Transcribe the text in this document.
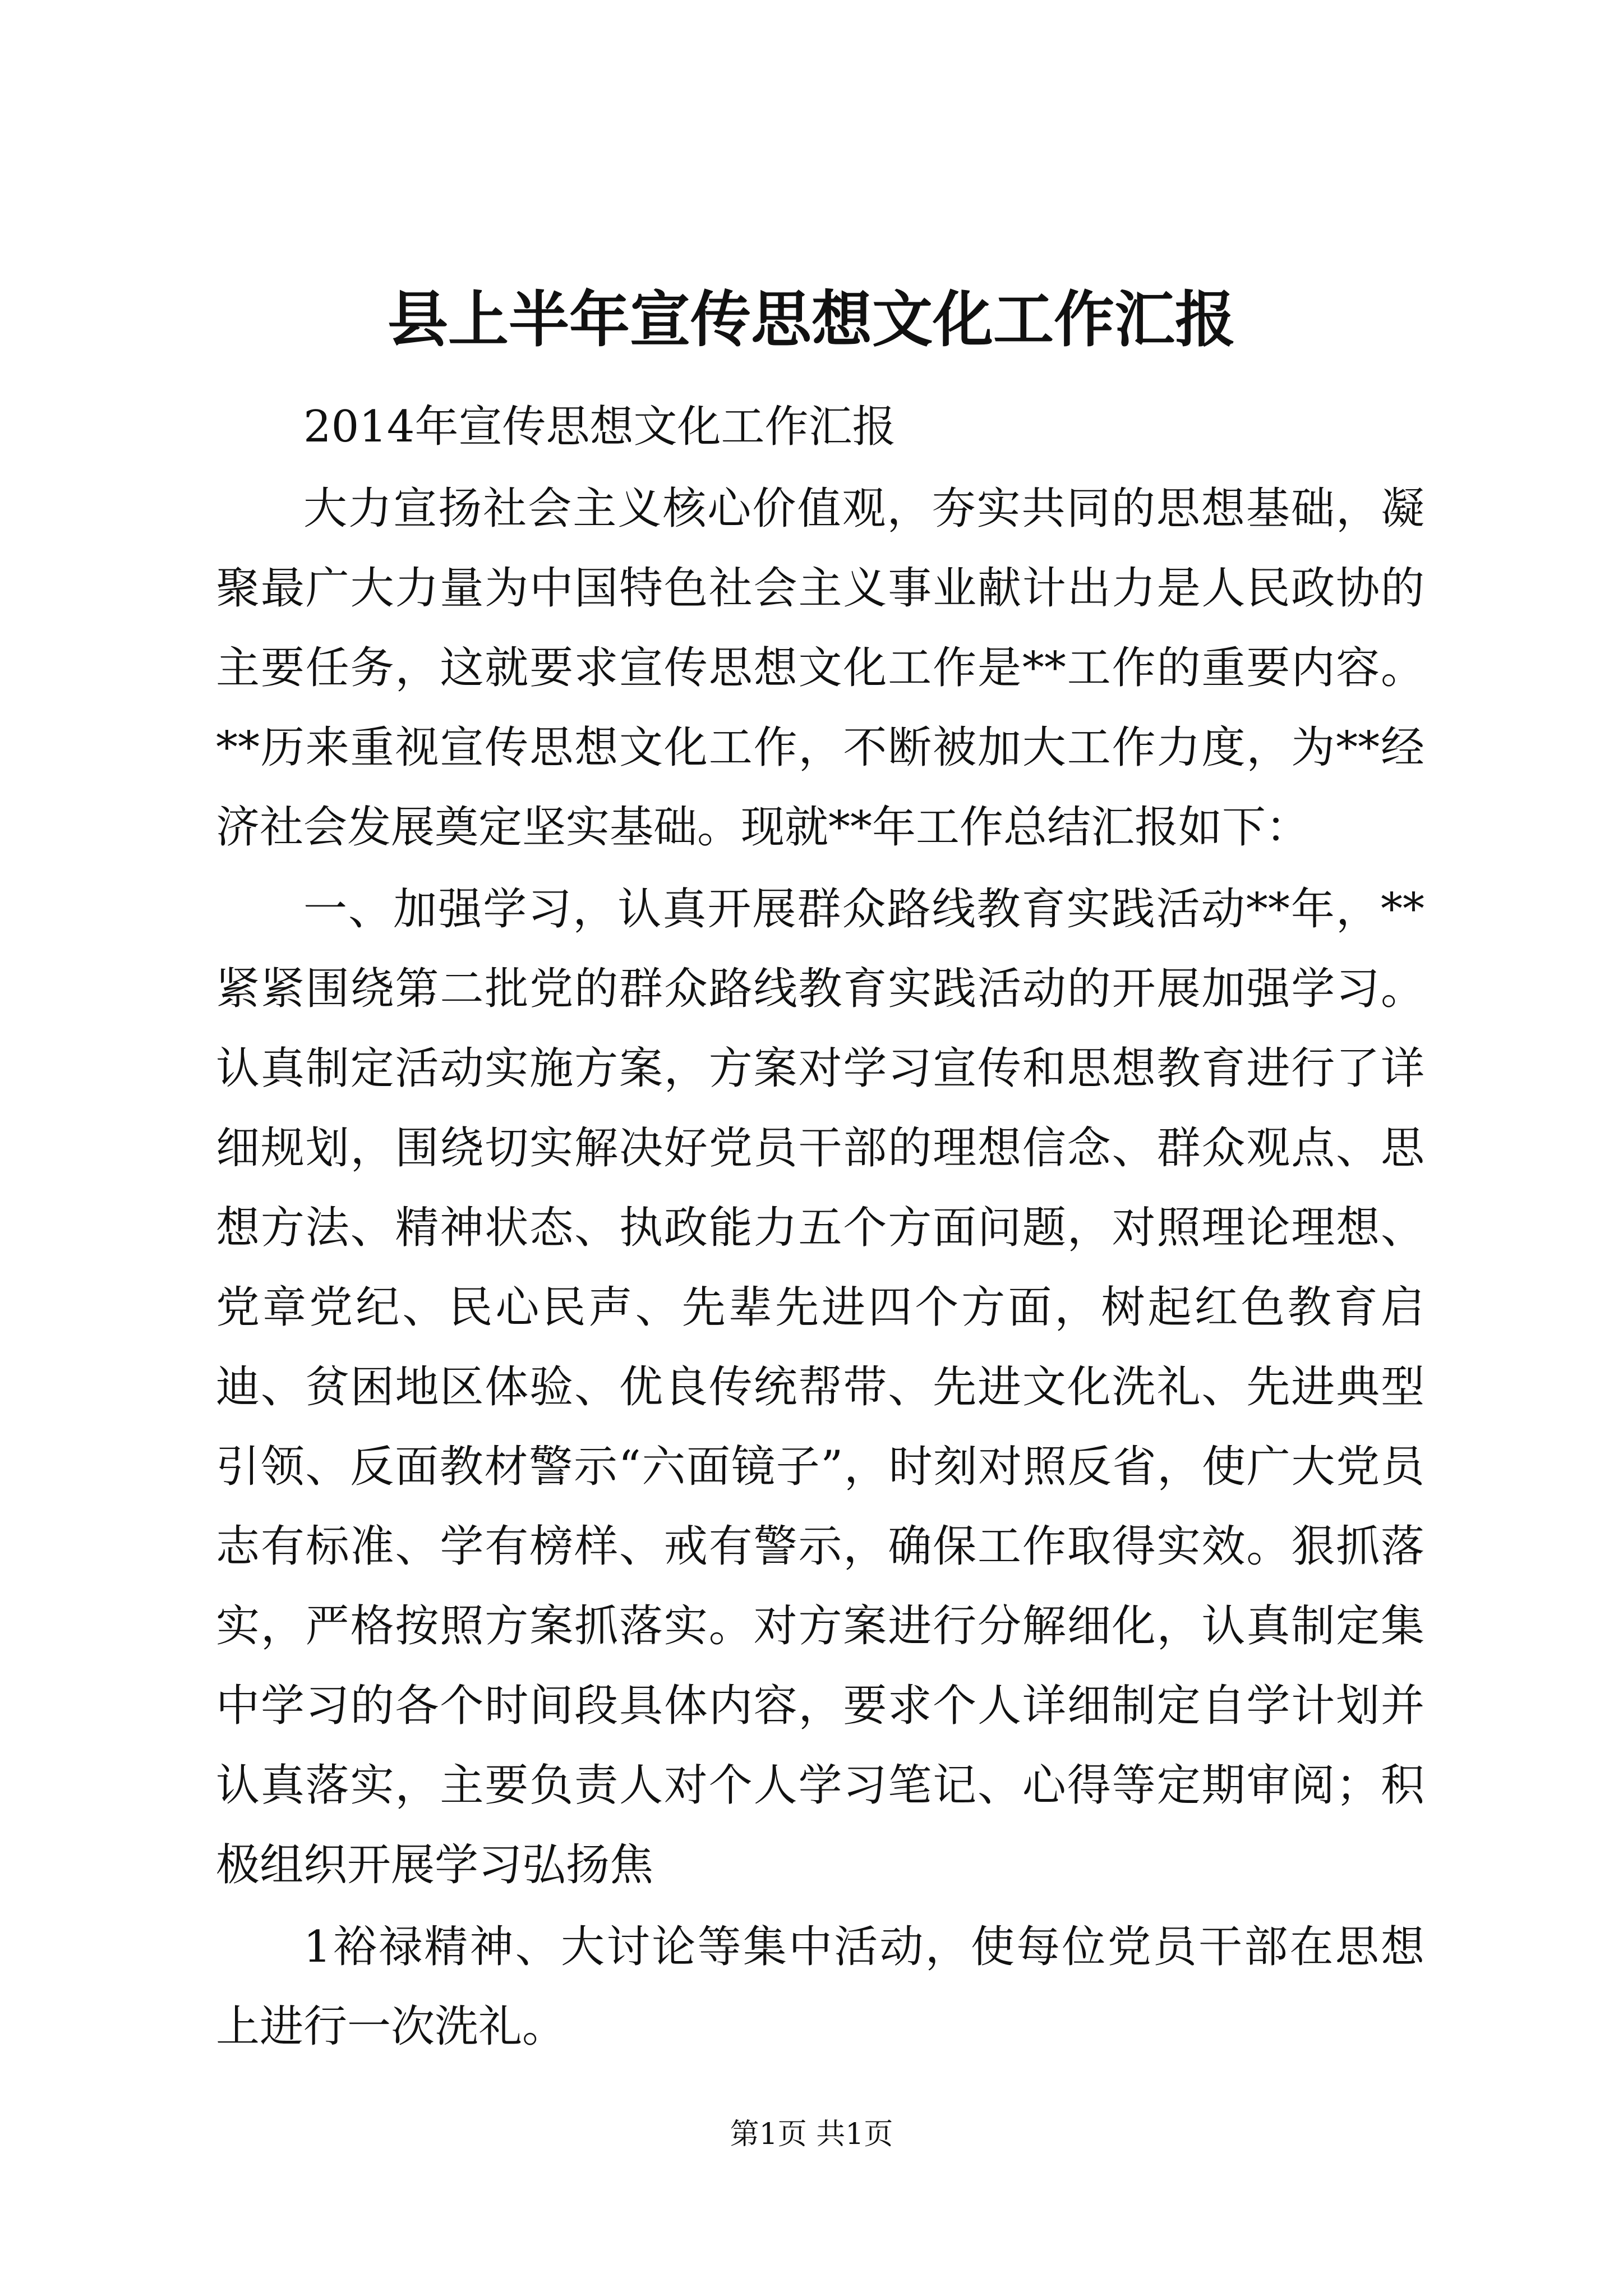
县上半年宣传思想文化工作汇报

2014年宣传思想文化工作汇报

大力宣扬社会主义核心价值观，夯实共同的思想基础，凝聚最广大力量为中国特色社会主义事业献计出力是人民政协的主要任务，这就要求宣传思想文化工作是**工作的重要内容。**历来重视宣传思想文化工作，不断被加大工作力度，为**经济社会发展奠定坚实基础。现就**年工作总结汇报如下：

一、加强学习，认真开展群众路线教育实践活动**年，**紧紧围绕第二批党的群众路线教育实践活动的开展加强学习。认真制定活动实施方案，方案对学习宣传和思想教育进行了详细规划，围绕切实解决好党员干部的理想信念、群众观点、思想方法、精神状态、执政能力五个方面问题，对照理论理想、党章党纪、民心民声、先辈先进四个方面，树起红色教育启迪、贫困地区体验、优良传统帮带、先进文化洗礼、先进典型引领、反面教材警示“六面镜子”，时刻对照反省，使广大党员志有标准、学有榜样、戒有警示，确保工作取得实效。狠抓落实，严格按照方案抓落实。对方案进行分解细化，认真制定集中学习的各个时间段具体内容，要求个人详细制定自学计划并认真落实，主要负责人对个人学习笔记、心得等定期审阅；积极组织开展学习弘扬焦

1裕禄精神、大讨论等集中活动，使每位党员干部在思想上进行一次洗礼。

第1页 共1页
